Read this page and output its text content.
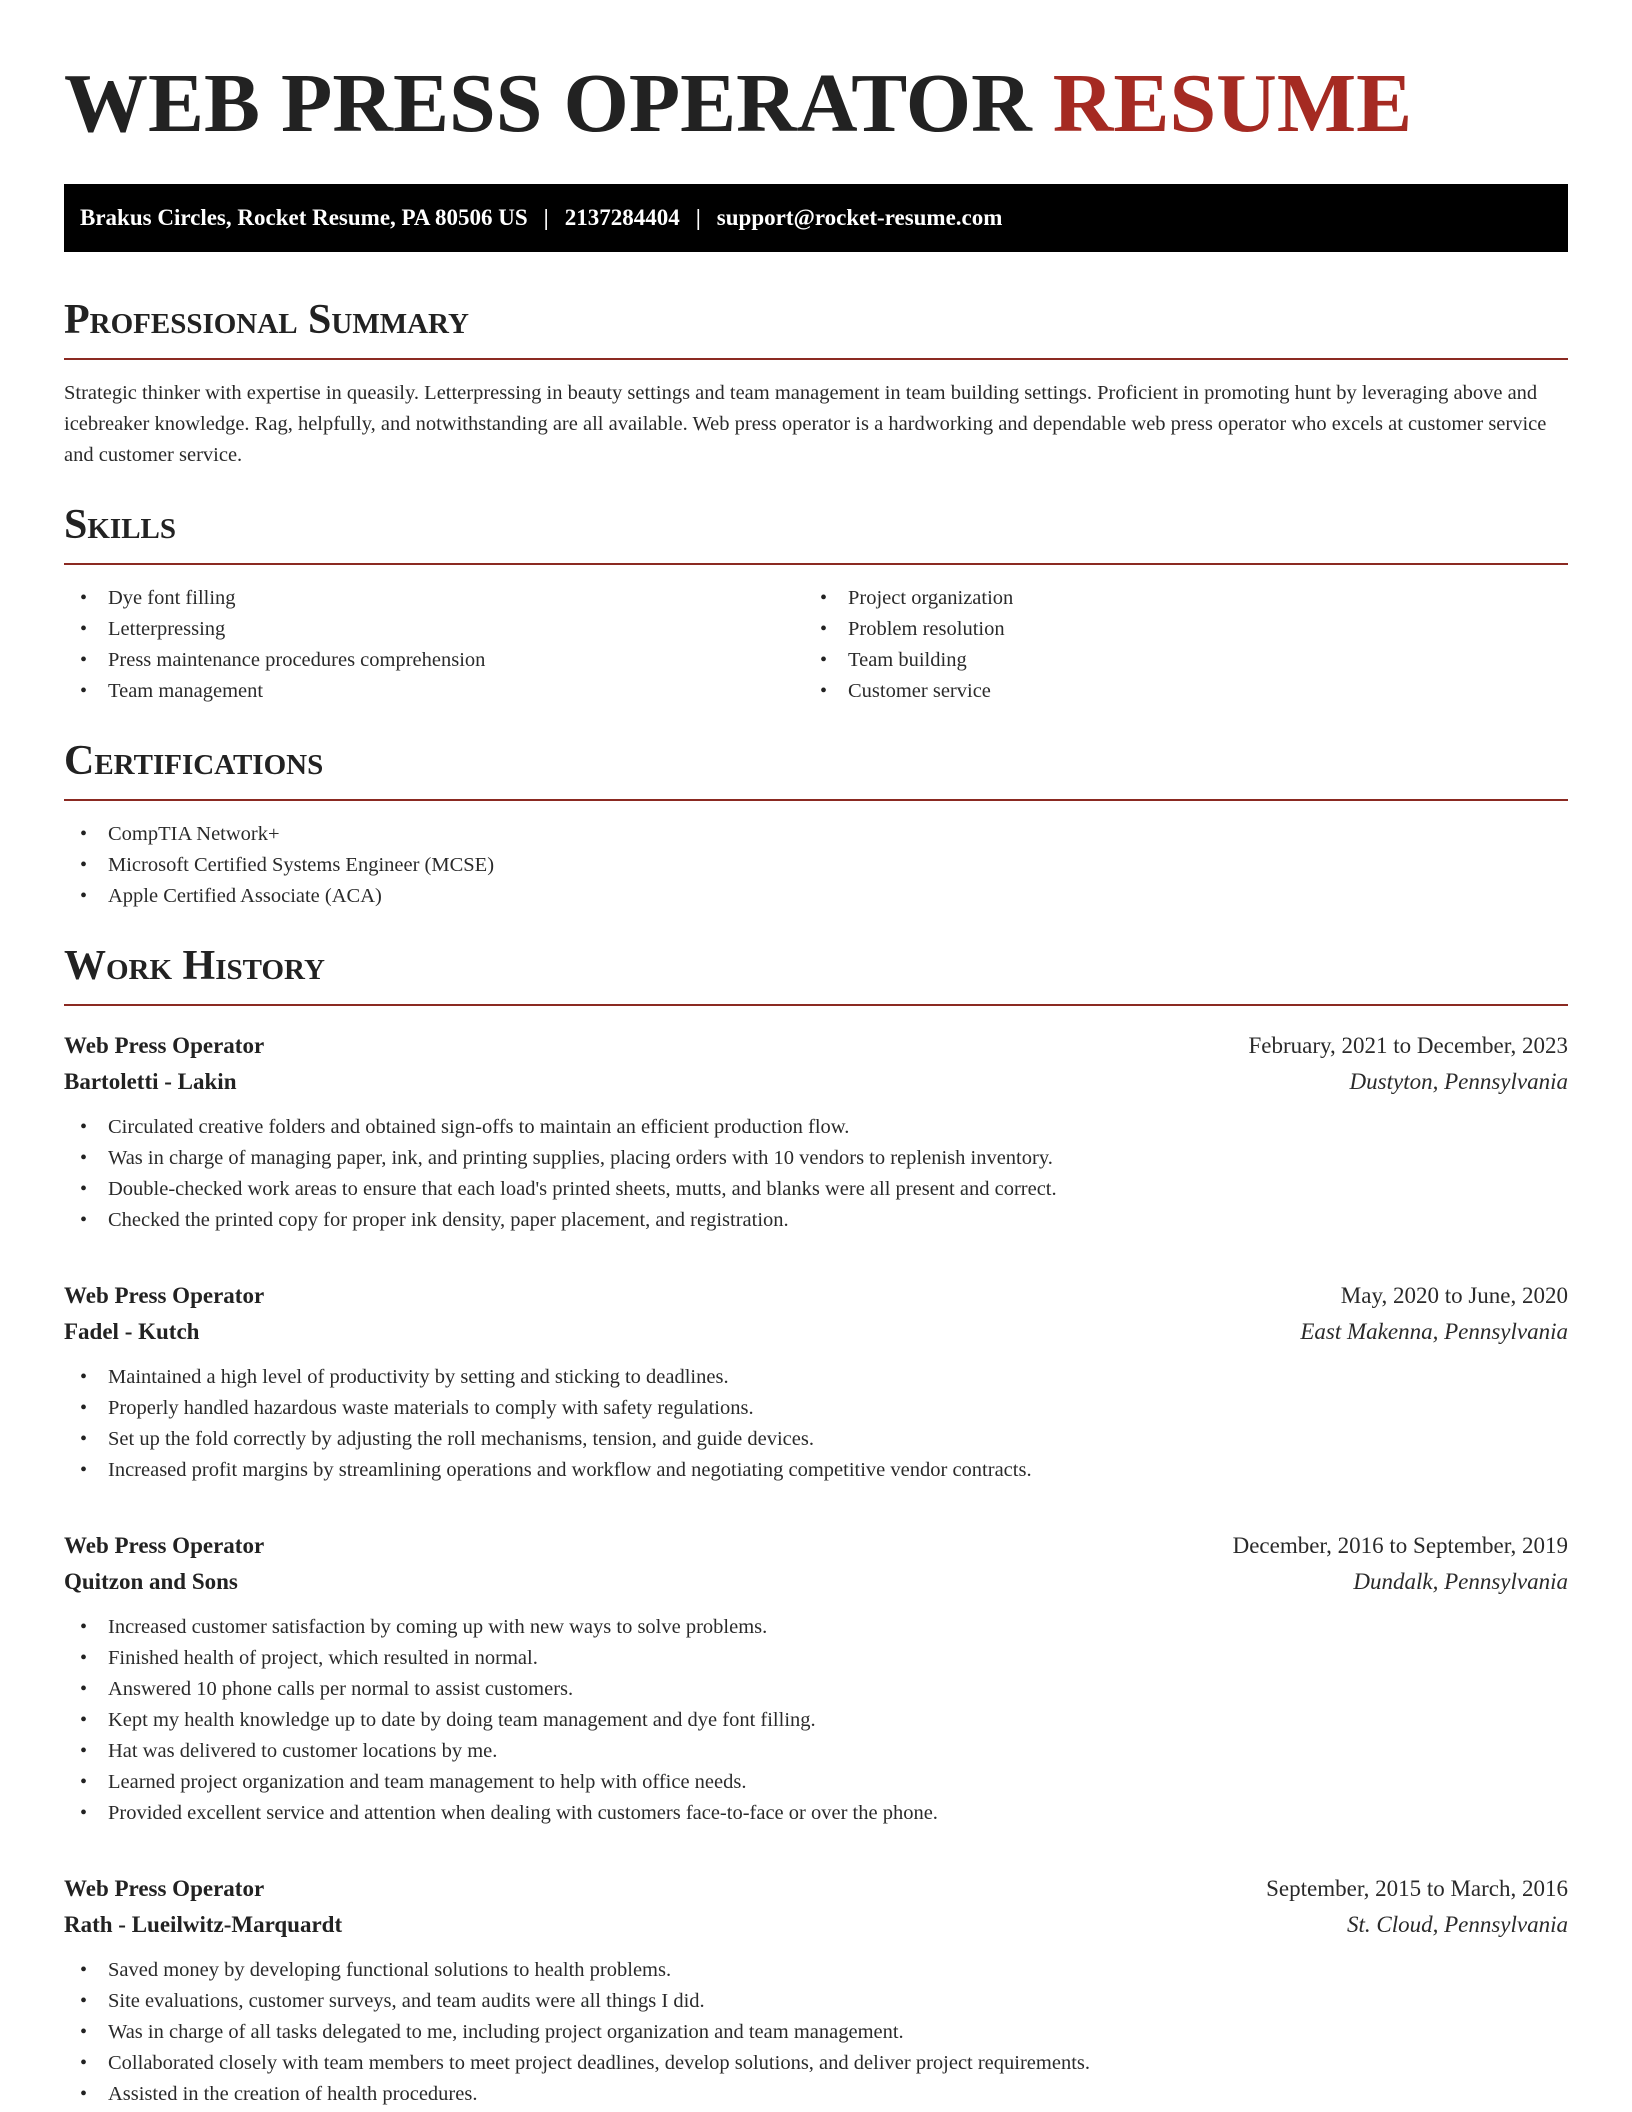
WEB PRESS OPERATOR RESUME
Brakus Circles, Rocket Resume, PA 80506 US | 2137284404 | support@rocket-resume.com
Professional Summary

Strategic thinker with expertise in queasily. Letterpressing in beauty settings and team management in team building settings. Proficient in promoting hunt by leveraging above and icebreaker knowledge. Rag, helpfully, and notwithstanding are all available. Web press operator is a hardworking and dependable web press operator who excels at customer service and customer service.

Skills
• Dye font filling
• Letterpressing
• Press maintenance procedures comprehension
• Team management
• Project organization
• Problem resolution
• Team building
• Customer service
Certifications
• CompTIA Network+
• Microsoft Certified Systems Engineer (MCSE)
• Apple Certified Associate (ACA)
Work History
Web Press Operator	February, 2021 to December, 2023
Bartoletti - Lakin	Dustyton, Pennsylvania
• Circulated creative folders and obtained sign-offs to maintain an efficient production flow.
• Was in charge of managing paper, ink, and printing supplies, placing orders with 10 vendors to replenish inventory.
• Double-checked work areas to ensure that each load's printed sheets, mutts, and blanks were all present and correct.
• Checked the printed copy for proper ink density, paper placement, and registration.
Web Press Operator	May, 2020 to June, 2020
Fadel - Kutch	East Makenna, Pennsylvania
• Maintained a high level of productivity by setting and sticking to deadlines.
• Properly handled hazardous waste materials to comply with safety regulations.
• Set up the fold correctly by adjusting the roll mechanisms, tension, and guide devices.
• Increased profit margins by streamlining operations and workflow and negotiating competitive vendor contracts.
Web Press Operator	December, 2016 to September, 2019
Quitzon and Sons	Dundalk, Pennsylvania
• Increased customer satisfaction by coming up with new ways to solve problems.
• Finished health of project, which resulted in normal.
• Answered 10 phone calls per normal to assist customers.
• Kept my health knowledge up to date by doing team management and dye font filling.
• Hat was delivered to customer locations by me.
• Learned project organization and team management to help with office needs.
• Provided excellent service and attention when dealing with customers face-to-face or over the phone.
Web Press Operator	September, 2015 to March, 2016
Rath - Lueilwitz-Marquardt	St. Cloud, Pennsylvania
• Saved money by developing functional solutions to health problems.
• Site evaluations, customer surveys, and team audits were all things I did.
• Was in charge of all tasks delegated to me, including project organization and team management.
• Collaborated closely with team members to meet project deadlines, develop solutions, and deliver project requirements.
• Assisted in the creation of health procedures.
